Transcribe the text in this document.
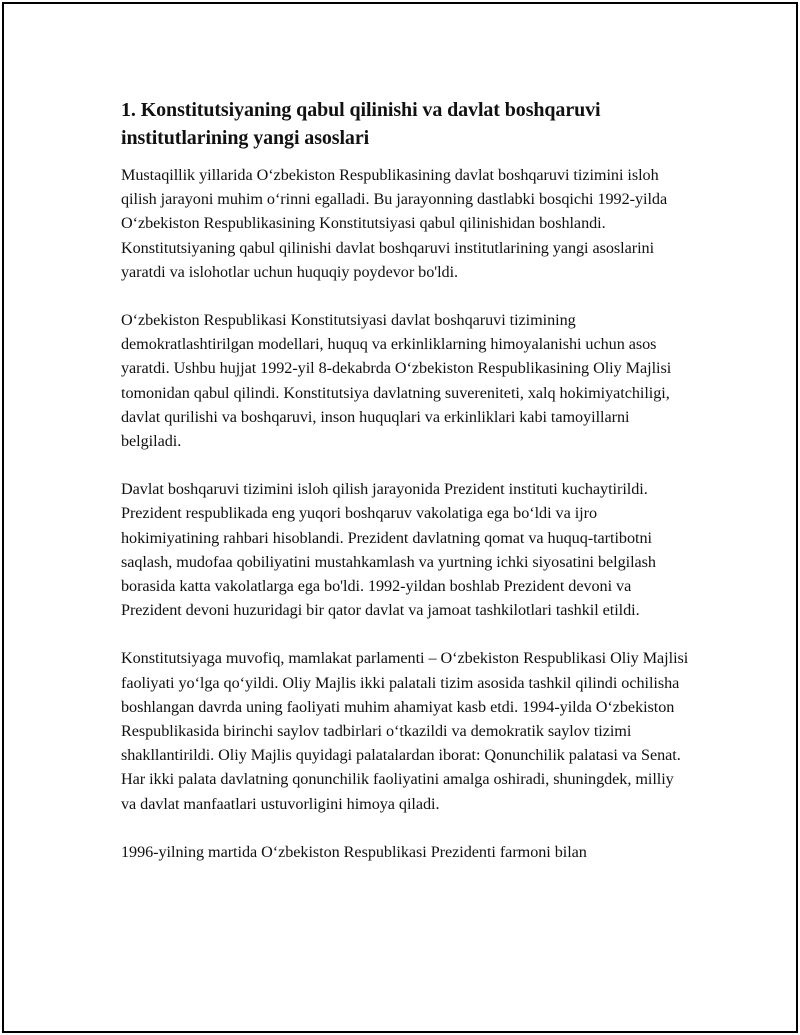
1. Konstitutsiyaning qabul qilinishi va davlat boshqaruvi institutlarining yangi asoslari

Mustaqillik yillarida O‘zbekiston Respublikasining davlat boshqaruvi tizimini isloh qilish jarayoni muhim o‘rinni egalladi. Bu jarayonning dastlabki bosqichi 1992-yilda O‘zbekiston Respublikasining Konstitutsiyasi qabul qilinishidan boshlandi. Konstitutsiyaning qabul qilinishi davlat boshqaruvi institutlarining yangi asoslarini yaratdi va islohotlar uchun huquqiy poydevor bo'ldi.

O‘zbekiston Respublikasi Konstitutsiyasi davlat boshqaruvi tizimining demokratlashtirilgan modellari, huquq va erkinliklarning himoyalanishi uchun asos yaratdi. Ushbu hujjat 1992-yil 8-dekabrda O‘zbekiston Respublikasining Oliy Majlisi tomonidan qabul qilindi. Konstitutsiya davlatning suvereniteti, xalq hokimiyatchiligi, davlat qurilishi va boshqaruvi, inson huquqlari va erkinliklari kabi tamoyillarni belgiladi.

Davlat boshqaruvi tizimini isloh qilish jarayonida Prezident instituti kuchaytirildi. Prezident respublikada eng yuqori boshqaruv vakolatiga ega bo‘ldi va ijro hokimiyatining rahbari hisoblandi. Prezident davlatning qomat va huquq-tartibotni saqlash, mudofaa qobiliyatini mustahkamlash va yurtning ichki siyosatini belgilash borasida katta vakolatlarga ega bo'ldi. 1992-yildan boshlab Prezident devoni va Prezident devoni huzuridagi bir qator davlat va jamoat tashkilotlari tashkil etildi.

Konstitutsiyaga muvofiq, mamlakat parlamenti – O‘zbekiston Respublikasi Oliy Majlisi faoliyati yo‘lga qo‘yildi. Oliy Majlis ikki palatali tizim asosida tashkil qilindi ochilisha boshlangan davrda uning faoliyati muhim ahamiyat kasb etdi. 1994-yilda O‘zbekiston Respublikasida birinchi saylov tadbirlari o‘tkazildi va demokratik saylov tizimi shakllantirildi. Oliy Majlis quyidagi palatalardan iborat: Qonunchilik palatasi va Senat. Har ikki palata davlatning qonunchilik faoliyatini amalga oshiradi, shuningdek, milliy va davlat manfaatlari ustuvorligini himoya qiladi.

1996-yilning martida O‘zbekiston Respublikasi Prezidenti farmoni bilan
